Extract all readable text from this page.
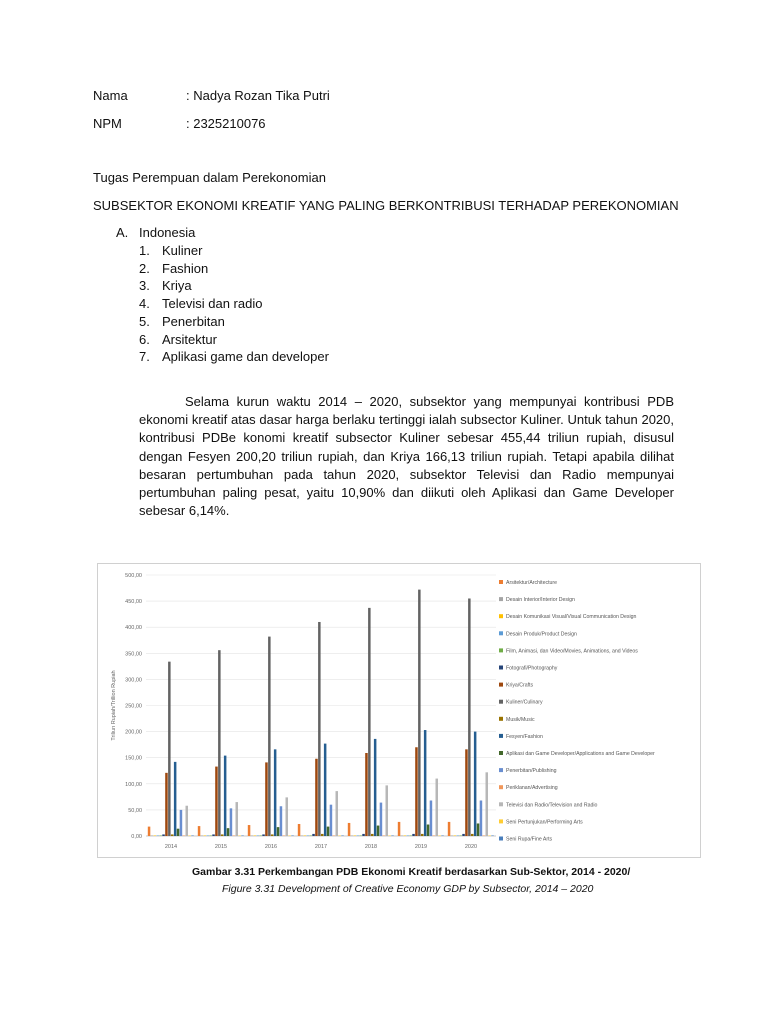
Nama	: Nadya Rozan Tika Putri
NPM	: 2325210076
Tugas Perempuan dalam Perekonomian
SUBSEKTOR EKONOMI KREATIF YANG PALING BERKONTRIBUSI TERHADAP PEREKONOMIAN
A. Indonesia
1. Kuliner
2. Fashion
3. Kriya
4. Televisi dan radio
5. Penerbitan
6. Arsitektur
7. Aplikasi game dan developer
Selama kurun waktu 2014 – 2020, subsektor yang mempunyai kontribusi PDB ekonomi kreatif atas dasar harga berlaku tertinggi ialah subsector Kuliner. Untuk tahun 2020, kontribusi PDBe konomi kreatif subsector Kuliner sebesar 455,44 triliun rupiah, disusul dengan Fesyen 200,20 triliun rupiah, dan Kriya 166,13 triliun rupiah. Tetapi apabila dilihat besaran pertumbuhan pada tahun 2020, subsektor Televisi dan Radio mempunyai pertumbuhan paling pesat, yaitu 10,90% dan diikuti oleh Aplikasi dan Game Developer sebesar 6,14%.
0,00
50,00
100,00
150,00
200,00
250,00
300,00
350,00
400,00
450,00
500,00
Triliun Rupiah/Trillion Rupiah
2014	2015	2016	2017	2018	2019	2020
Arsitektur/Architecture
Desain Interior/Interior Design
Desain Komunikasi Visual/Visual Communication Design
Desain Produk/Product Design
Film, Animasi, dan Video/Movies, Animations, and Videos
Fotografi/Photography
Kriya/Crafts
Kuliner/Culinary
Musik/Music
Fesyen/Fashion
Aplikasi dan Game Developer/Applications and Game Developer
Penerbitan/Publishing
Periklanan/Advertising
Televisi dan Radio/Television and Radio
Seni Pertunjukan/Performing Arts
Seni Rupa/Fine Arts
Gambar 3.31 Perkembangan PDB Ekonomi Kreatif berdasarkan Sub-Sektor, 2014 - 2020/
Figure 3.31 Development of Creative Economy GDP by Subsector, 2014 – 2020
